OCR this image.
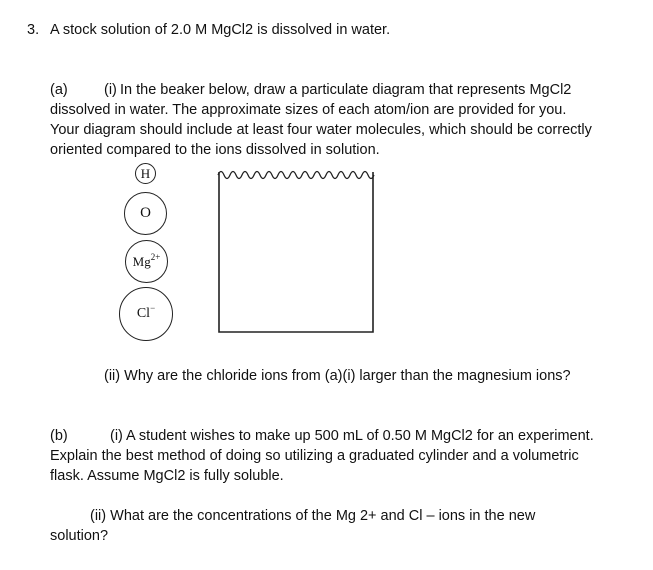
3. A stock solution of 2.0 M MgCl2 is dissolved in water.
(a)	(i) In the beaker below, draw a particulate diagram that represents MgCl2
dissolved in water. The approximate sizes of each atom/ion are provided for you.
Your diagram should include at least four water molecules, which should be correctly
oriented compared to the ions dissolved in solution.
H
O
$Mg^{2+}$
Cl−
(ii) Why are the chloride ions from (a)(i) larger than the magnesium ions?
(b)	(i) A student wishes to make up 500 mL of 0.50 M MgCl2 for an experiment.
Explain the best method of doing so utilizing a graduated cylinder and a volumetric
flask. Assume MgCl2 is fully soluble.
(ii) What are the concentrations of the Mg 2+ and Cl – ions in the new
solution?
